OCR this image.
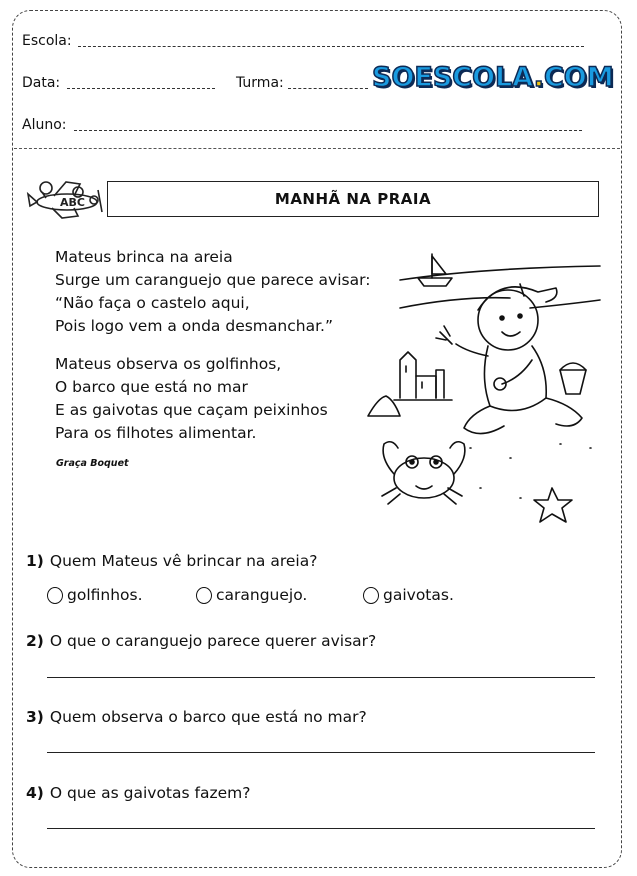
Escola:
Data:	Turma:	SOESCOLA.COM
Aluno:
ABC	MANHÃ NA PRAIA
Mateus brinca na areia
Surge um caranguejo que parece avisar:
“Não faça o castelo aqui,
Pois logo vem a onda desmanchar.”
Mateus observa os golfinhos,
O barco que está no mar
E as gaivotas que caçam peixinhos
Para os filhotes alimentar.
Graça Boquet
1) Quem Mateus vê brincar na areia?
golfinhos.	caranguejo.	gaivotas.
2) O que o caranguejo parece querer avisar?
3) Quem observa o barco que está no mar?
4) O que as gaivotas fazem?
